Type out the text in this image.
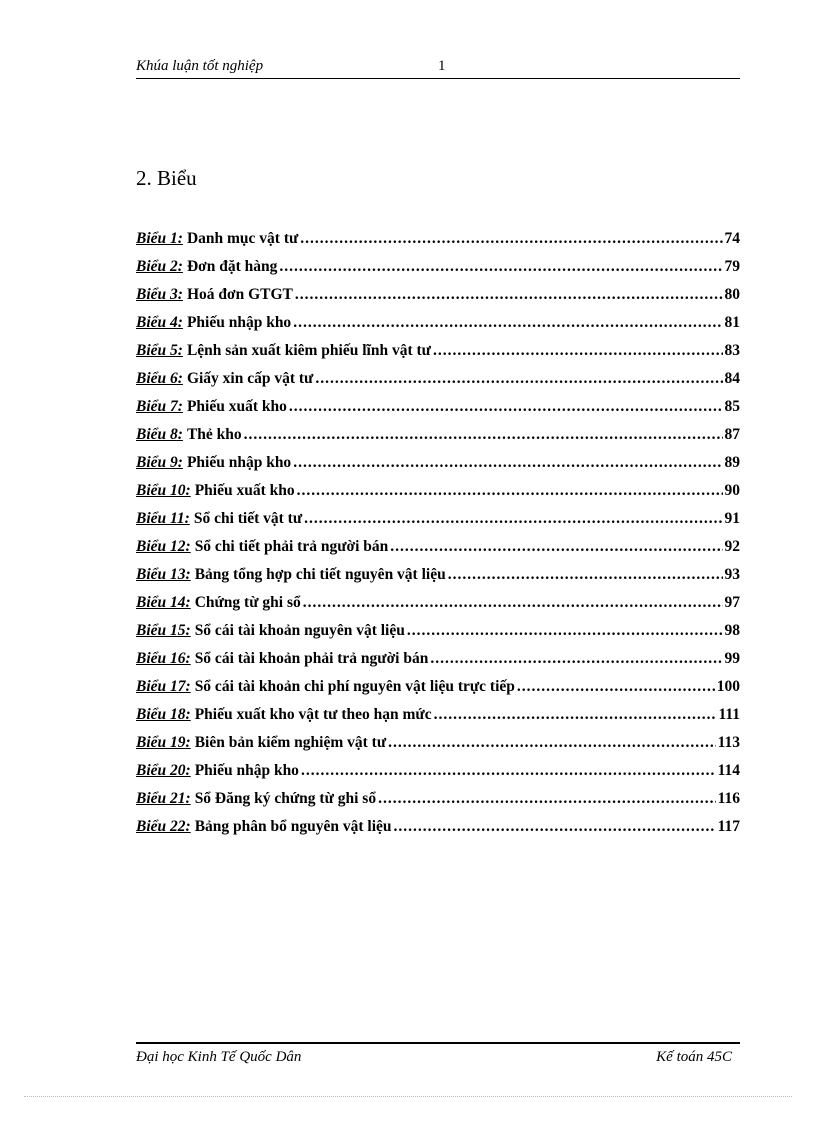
Khúa luận tốt nghiệp	1
2. Biểu
Biểu 1: Danh mục vật tư .....	74
Biểu 2: Đơn đặt hàng .....	79
Biểu 3: Hoá đơn GTGT .....	80
Biểu 4: Phiếu nhập kho .....	81
Biểu 5: Lệnh sản xuất kiêm phiếu lĩnh vật tư .....	83
Biểu 6: Giấy xin cấp vật tư .....	84
Biểu 7: Phiếu xuất kho .....	85
Biểu 8: Thẻ kho .....	87
Biểu 9: Phiếu nhập kho .....	89
Biểu 10: Phiếu xuất kho .....	90
Biểu 11: Sổ chi tiết vật tư .....	91
Biểu 12: Sổ chi tiết phải trả người bán .....	92
Biểu 13: Bảng tổng hợp chi tiết nguyên vật liệu .....	93
Biểu 14: Chứng từ ghi sổ .....	97
Biểu 15: Sổ cái tài khoản nguyên vật liệu .....	98
Biểu 16: Sổ cái tài khoản phải trả người bán .....	99
Biểu 17: Sổ cái tài khoản chi phí nguyên vật liệu trực tiếp .....	100
Biểu 18: Phiếu xuất kho vật tư theo hạn mức .....	111
Biểu 19: Biên bản kiểm nghiệm vật tư .....	113
Biểu 20: Phiếu nhập kho .....	114
Biểu 21: Sổ Đăng ký chứng từ ghi sổ .....	116
Biểu 22: Bảng phân bổ nguyên vật liệu .....	117
Đại học Kinh Tế Quốc Dân	Kế toán 45C
